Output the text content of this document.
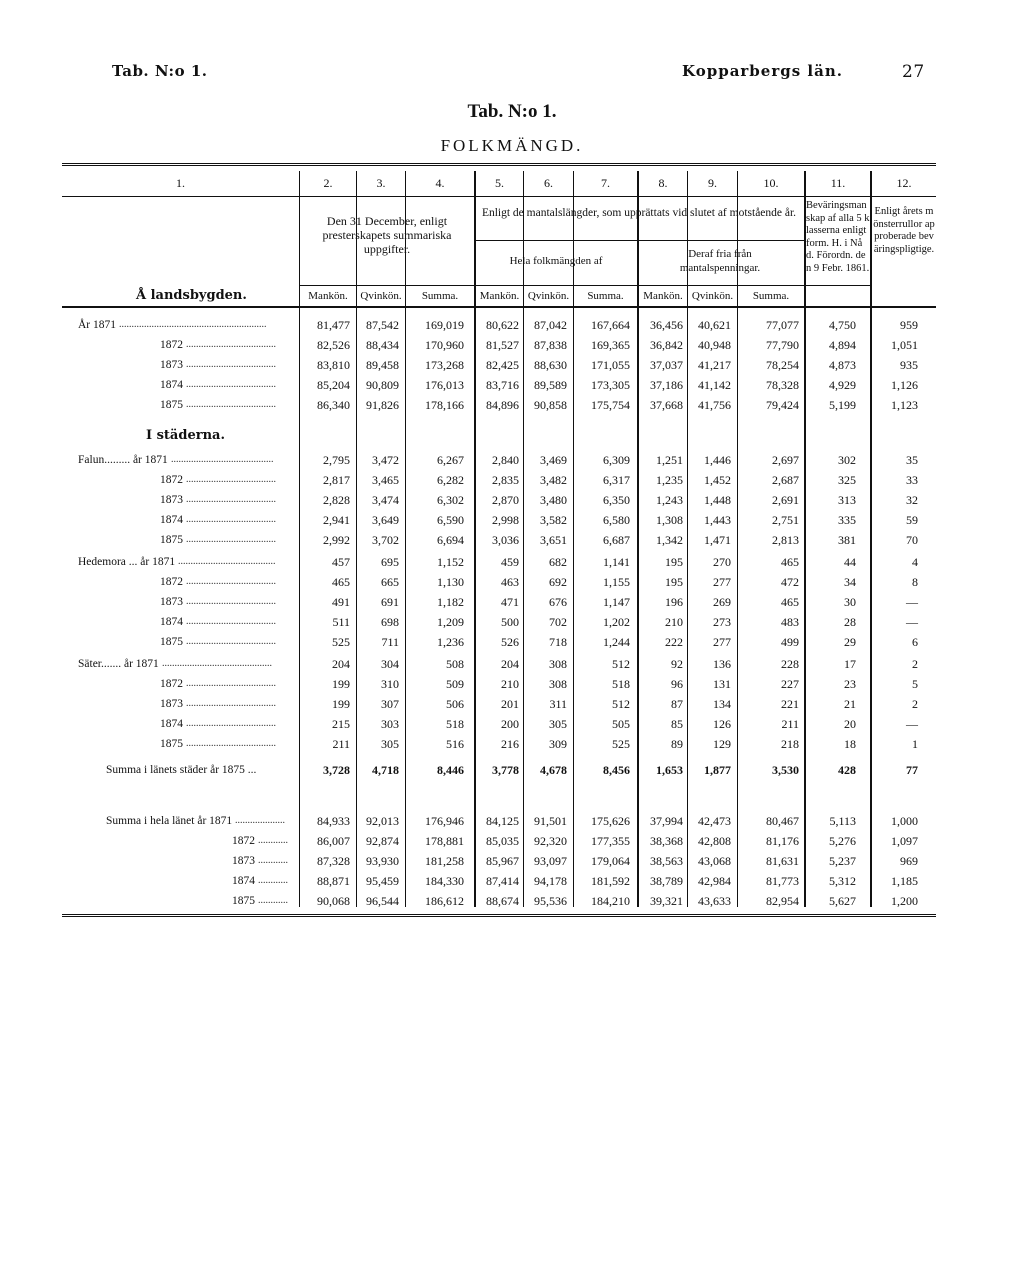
Tab. N:o 1.	Kopparbergs län.	27
Tab. N:o 1.
FOLKMÄNGD.
1.	2.	3.	4.	5.	6.	7.	8.	9.	10.	11.	12.
Den 31 December, enligt presterskapets summariska uppgifter.
Enligt de mantalslängder, som upprättats vid slutet af motstående år.
Hela folkmängden af
Deraf fria från mantalspenningar.
Beväringsmanskap af alla 5 klasserna enligt form. H. i Nåd. Förordn. den 9 Febr. 1861.
Enligt årets mönsterrullor approberade beväringspligtige.
Mankön.	Qvinkön.	Summa.	Mankön. Qvinkön.	Summa.	Mankön. Qvinkön.	Summa.
Å landsbygden.
I städerna.
År 1871 ...........................................................	81,477	87,542	169,019	80,622	87,042	167,664	36,456	40,621	77,077	4,750	959
1872 ....................................	82,526	88,434	170,960	81,527	87,838	169,365	36,842	40,948	77,790	4,894	1,051
1873 ....................................	83,810	89,458	173,268	82,425	88,630	171,055	37,037	41,217	78,254	4,873	935
1874 ....................................	85,204	90,809	176,013	83,716	89,589	173,305	37,186	41,142	78,328	4,929	1,126
1875 ....................................	86,340	91,826	178,166	84,896	90,858	175,754	37,668	41,756	79,424	5,199	1,123
Falun......... år 1871 .........................................	2,795	3,472	6,267	2,840	3,469	6,309	1,251	1,446	2,697	302	35
1872 ....................................	2,817	3,465	6,282	2,835	3,482	6,317	1,235	1,452	2,687	325	33
1873 ....................................	2,828	3,474	6,302	2,870	3,480	6,350	1,243	1,448	2,691	313	32
1874 ....................................	2,941	3,649	6,590	2,998	3,582	6,580	1,308	1,443	2,751	335	59
1875 ....................................	2,992	3,702	6,694	3,036	3,651	6,687	1,342	1,471	2,813	381	70
Hedemora ... år 1871 .......................................	457	695	1,152	459	682	1,141	195	270	465	44	4
1872 ....................................	465	665	1,130	463	692	1,155	195	277	472	34	8
1873 ....................................	491	691	1,182	471	676	1,147	196	269	465	30	—
1874 ....................................	511	698	1,209	500	702	1,202	210	273	483	28	—
1875 ....................................	525	711	1,236	526	718	1,244	222	277	499	29	6
Säter....... år 1871 ............................................	204	304	508	204	308	512	92	136	228	17	2
1872 ....................................	199	310	509	210	308	518	96	131	227	23	5
1873 ....................................	199	307	506	201	311	512	87	134	221	21	2
1874 ....................................	215	303	518	200	305	505	85	126	211	20	—
1875 ....................................	211	305	516	216	309	525	89	129	218	18	1
Summa i länets städer år 1875 ...	3,728	4,718	8,446	3,778	4,678	8,456	1,653	1,877	3,530	428	77
Summa i hela länet år 1871 ....................	84,933	92,013	176,946	84,125	91,501	175,626	37,994	42,473	80,467	5,113	1,000
1872 ............	86,007	92,874	178,881	85,035	92,320	177,355	38,368	42,808	81,176	5,276	1,097
1873 ............	87,328	93,930	181,258	85,967	93,097	179,064	38,563	43,068	81,631	5,237	969
1874 ............	88,871	95,459	184,330	87,414	94,178	181,592	38,789	42,984	81,773	5,312	1,185
1875 ............	90,068	96,544	186,612	88,674	95,536	184,210	39,321	43,633	82,954	5,627	1,200
